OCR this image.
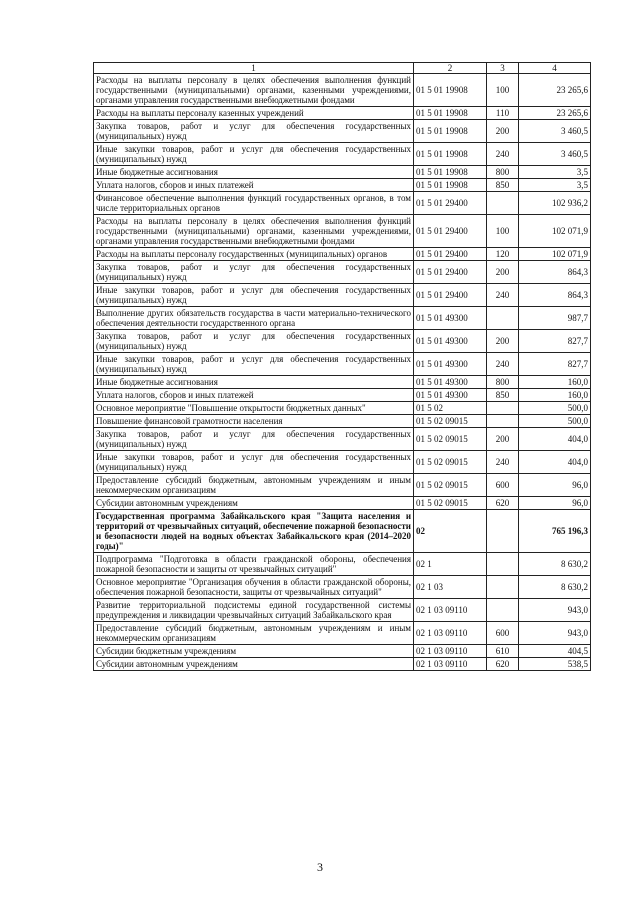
1	2	3	4
Расходы на выплаты персоналу в целях обеспечения выполнения функций государственными (муниципальными) органами, казенными учреждениями, органами управления государственными внебюджетными фондами	01 5 01 19908	100	23 265,6
Расходы на выплаты персоналу казенных учреждений	01 5 01 19908	110	23 265,6
Закупка товаров, работ и услуг для обеспечения государственных (муниципальных) нужд	01 5 01 19908	200	3 460,5
Иные закупки товаров, работ и услуг для обеспечения государственных (муниципальных) нужд	01 5 01 19908	240	3 460,5
Иные бюджетные ассигнования	01 5 01 19908	800	3,5
Уплата налогов, сборов и иных платежей	01 5 01 19908	850	3,5
Финансовое обеспечение выполнения функций государственных органов, в том числе территориальных органов	01 5 01 29400		102 936,2
Расходы на выплаты персоналу в целях обеспечения выполнения функций государственными (муниципальными) органами, казенными учреждениями, органами управления государственными внебюджетными фондами	01 5 01 29400	100	102 071,9
Расходы на выплаты персоналу государственных (муниципальных) органов	01 5 01 29400	120	102 071,9
Закупка товаров, работ и услуг для обеспечения государственных (муниципальных) нужд	01 5 01 29400	200	864,3
Иные закупки товаров, работ и услуг для обеспечения государственных (муниципальных) нужд	01 5 01 29400	240	864,3
Выполнение других обязательств государства в части материально-технического обеспечения деятельности государственного органа	01 5 01 49300		987,7
Закупка товаров, работ и услуг для обеспечения государственных (муниципальных) нужд	01 5 01 49300	200	827,7
Иные закупки товаров, работ и услуг для обеспечения государственных (муниципальных) нужд	01 5 01 49300	240	827,7
Иные бюджетные ассигнования	01 5 01 49300	800	160,0
Уплата налогов, сборов и иных платежей	01 5 01 49300	850	160,0
Основное мероприятие "Повышение открытости бюджетных данных"	01 5 02		500,0
Повышение финансовой грамотности населения	01 5 02 09015		500,0
Закупка товаров, работ и услуг для обеспечения государственных (муниципальных) нужд	01 5 02 09015	200	404,0
Иные закупки товаров, работ и услуг для обеспечения государственных (муниципальных) нужд	01 5 02 09015	240	404,0
Предоставление субсидий бюджетным, автономным учреждениям и иным некоммерческим организациям	01 5 02 09015	600	96,0
Субсидии автономным учреждениям	01 5 02 09015	620	96,0
Государственная программа Забайкальского края "Защита населения и территорий от чрезвычайных ситуаций, обеспечение пожарной безопасности и безопасности людей на водных объектах Забайкальского края (2014–2020 годы)"	02		765 196,3
Подпрограмма "Подготовка в области гражданской обороны, обеспечения пожарной безопасности и защиты от чрезвычайных ситуаций"	02 1		8 630,2
Основное мероприятие "Организация обучения в области гражданской обороны, обеспечения пожарной безопасности, защиты от чрезвычайных ситуаций"	02 1 03		8 630,2
Развитие территориальной подсистемы единой государственной системы предупреждения и ликвидации чрезвычайных ситуаций Забайкальского края	02 1 03 09110		943,0
Предоставление субсидий бюджетным, автономным учреждениям и иным некоммерческим организациям	02 1 03 09110	600	943,0
Субсидии бюджетным учреждениям	02 1 03 09110	610	404,5
Субсидии автономным учреждениям	02 1 03 09110	620	538,5
3
